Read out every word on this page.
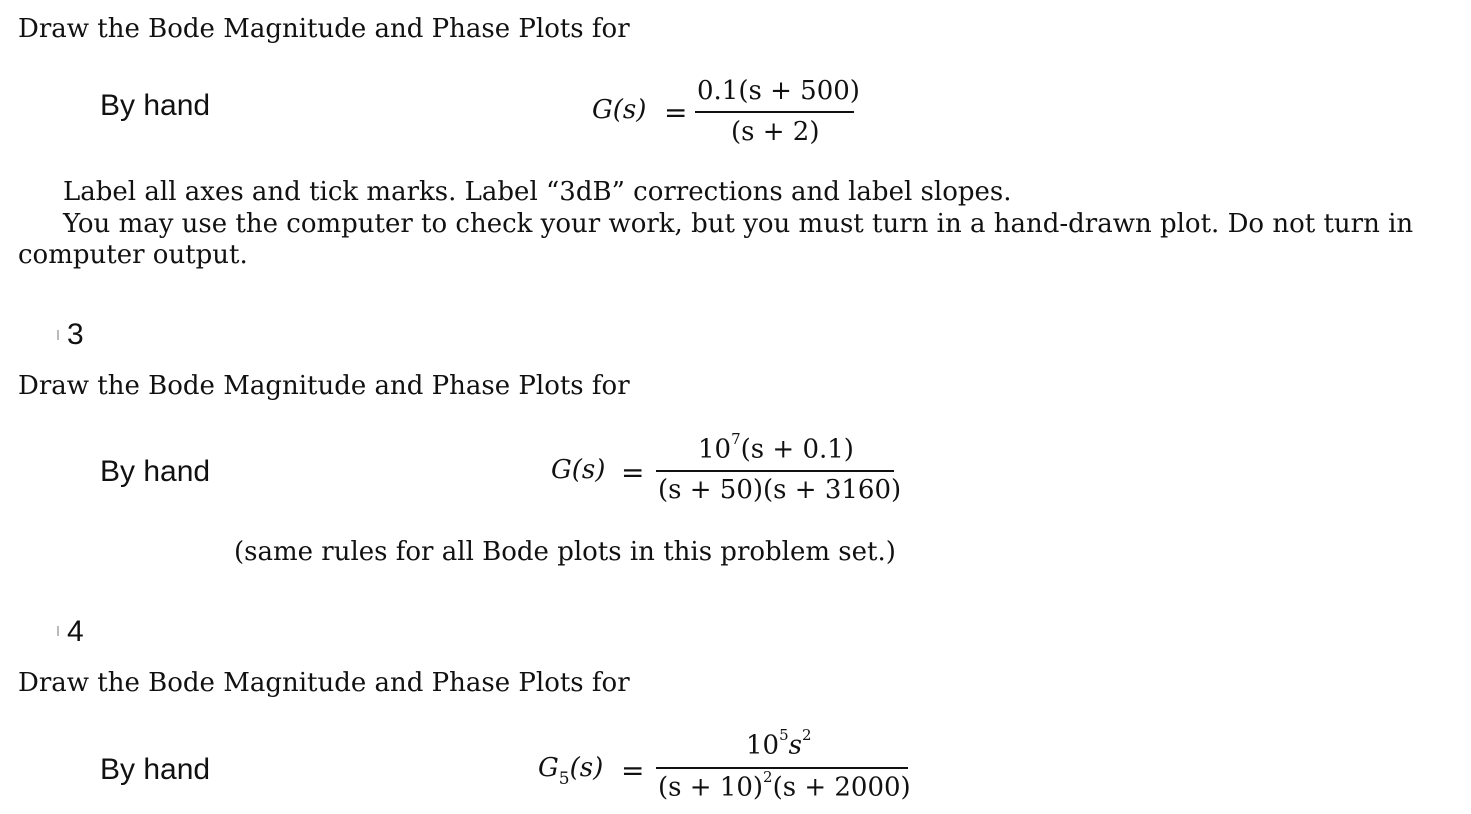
Draw the Bode Magnitude and Phase Plots for
By hand	G(s) =
0.1(s + 500)
(s + 2)
Label all axes and tick marks. Label “3dB” corrections and label slopes.
You may use the computer to check your work, but you must turn in a hand-drawn plot. Do not turn in
computer output.
3
Draw the Bode Magnitude and Phase Plots for
By hand	G(s) =
$10^7(s + 0.1)$
(s + 50)(s + 3160)
(same rules for all Bode plots in this problem set.)
4
Draw the Bode Magnitude and Phase Plots for
By hand	$G_5(s)$ =
$10^5s^2$
$(s + 10)^2(s + 2000)$
